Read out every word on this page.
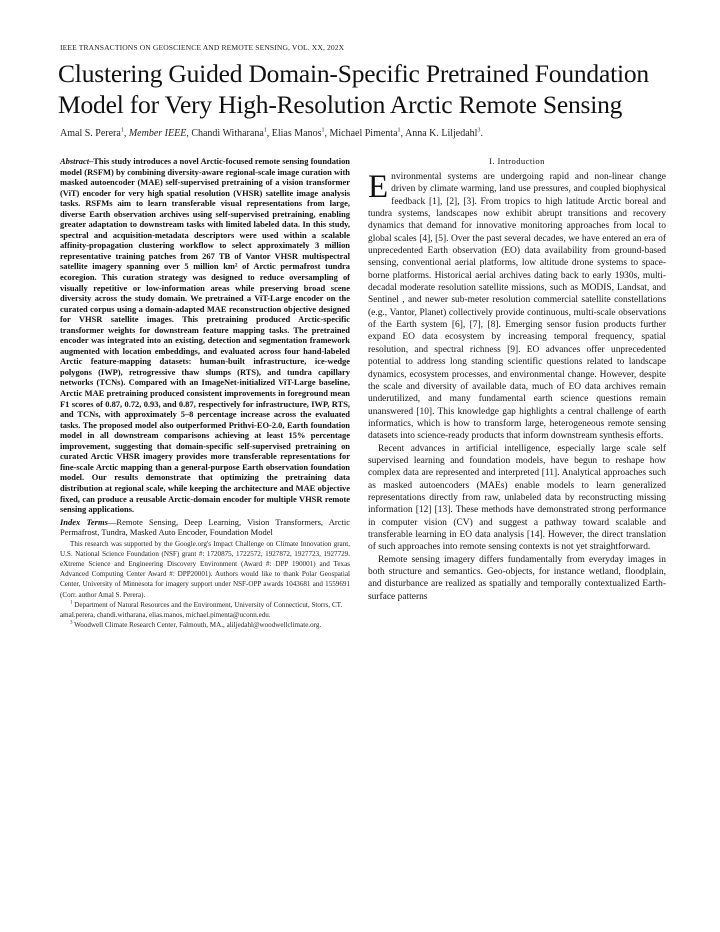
IEEE TRANSACTIONS ON GEOSCIENCE AND REMOTE SENSING, VOL. XX, 202X
Clustering Guided Domain-Specific Pretrained Foundation Model for Very High-Resolution Arctic Remote Sensing
Amal S. Perera$^1$, Member IEEE, Chandi Witharana$^1$, Elias Manos$^1$, Michael Pimenta$^1$, Anna K. Liljedahl$^3$.

Abstract–This study introduces a novel Arctic-focused remote sensing foundation model (RSFM) by combining diversity-aware regional-scale image curation with masked autoencoder (MAE) self-supervised pretraining of a vision transformer (ViT) encoder for very high spatial resolution (VHSR) satellite image analysis tasks. RSFMs aim to learn transferable visual representations from large, diverse Earth observation archives using self-supervised pretraining, enabling greater adaptation to downstream tasks with limited labeled data. In this study, spectral and acquisition-metadata descriptors were used within a scalable affinity-propagation clustering workflow to select approximately 3 million representative training patches from 267 TB of Vantor VHSR multispectral satellite imagery spanning over 5 million km² of Arctic permafrost tundra ecoregion. This curation strategy was designed to reduce oversampling of visually repetitive or low-information areas while preserving broad scene diversity across the study domain. We pretrained a ViT-Large encoder on the curated corpus using a domain-adapted MAE reconstruction objective designed for VHSR satellite images. This pretraining produced Arctic-specific transformer weights for downstream feature mapping tasks. The pretrained encoder was integrated into an existing, detection and segmentation framework augmented with location embeddings, and evaluated across four hand-labeled Arctic feature-mapping datasets: human-built infrastructure, ice-wedge polygons (IWP), retrogressive thaw slumps (RTS), and tundra capillary networks (TCNs). Compared with an ImageNet-initialized ViT-Large baseline, Arctic MAE pretraining produced consistent improvements in foreground mean F1 scores of 0.87, 0.72, 0.93, and 0.87, respectively for infrastructure, IWP, RTS, and TCNs, with approximately 5–8 percentage increase across the evaluated tasks. The proposed model also outperformed Prithvi-EO-2.0, Earth foundation model in all downstream comparisons achieving at least 15% percentage improvement, suggesting that domain-specific self-supervised pretraining on curated Arctic VHSR imagery provides more transferable representations for fine-scale Arctic mapping than a general-purpose Earth observation foundation model. Our results demonstrate that optimizing the pretraining data distribution at regional scale, while keeping the architecture and MAE objective fixed, can produce a reusable Arctic-domain encoder for multiple VHSR remote sensing applications.

Index Terms—Remote Sensing, Deep Learning, Vision Transformers, Arctic Permafrost, Tundra, Masked Auto Encoder, Foundation Model

This research was supported by the Google.org's Impact Challenge on Climate Innovation grant, U.S. National Science Foundation (NSF) grant #: 1720875, 1722572, 1927872, 1927723, 1927729. eXtreme Science and Engineering Discovery Environment (Award #: DPP 190001) and Texas Advanced Computing Center Award #: DPP20001). Authors would like to thank Polar Geospatial Center, University of Minnesota for imagery support under NSF-OPP awards 1043681 and 1559691 (Corr. author Amal S. Perera).

$^1$ Department of Natural Resources and the Environment, University of Connecticut, Storrs, CT. amal.perera, chandi.witharana, elias.manos, michael.pimenta@uconn.edu.

$^3$ Woodwell Climate Research Center, Falmouth, MA., aliljedahl@woodwellclimate.org.

I. Introduction

Environmental systems are undergoing rapid and non-linear change driven by climate warming, land use pressures, and coupled biophysical feedback [1], [2], [3]. From tropics to high latitude Arctic boreal and tundra systems, landscapes now exhibit abrupt transitions and recovery dynamics that demand for innovative monitoring approaches from local to global scales [4], [5]. Over the past several decades, we have entered an era of unprecedented Earth observation (EO) data availability from ground-based sensing, conventional aerial platforms, low altitude drone systems to space-borne platforms. Historical aerial archives dating back to early 1930s, multi-decadal moderate resolution satellite missions, such as MODIS, Landsat, and Sentinel , and newer sub-meter resolution commercial satellite constellations (e.g., Vantor, Planet) collectively provide continuous, multi-scale observations of the Earth system [6], [7], [8]. Emerging sensor fusion products further expand EO data ecosystem by increasing temporal frequency, spatial resolution, and spectral richness [9]. EO advances offer unprecedented potential to address long standing scientific questions related to landscape dynamics, ecosystem processes, and environmental change. However, despite the scale and diversity of available data, much of EO data archives remain underutilized, and many fundamental earth science questions remain unanswered [10]. This knowledge gap highlights a central challenge of earth informatics, which is how to transform large, heterogeneous remote sensing datasets into science-ready products that inform downstream synthesis efforts.

Recent advances in artificial intelligence, especially large scale self supervised learning and foundation models, have begun to reshape how complex data are represented and interpreted [11]. Analytical approaches such as masked autoencoders (MAEs) enable models to learn generalized representations directly from raw, unlabeled data by reconstructing missing information [12] [13]. These methods have demonstrated strong performance in computer vision (CV) and suggest a pathway toward scalable and transferable learning in EO data analysis [14]. However, the direct translation of such approaches into remote sensing contexts is not yet straightforward.

Remote sensing imagery differs fundamentally from everyday images in both structure and semantics. Geo-objects, for instance wetland, floodplain, and disturbance are realized as spatially and temporally contextualized Earth-surface patterns
